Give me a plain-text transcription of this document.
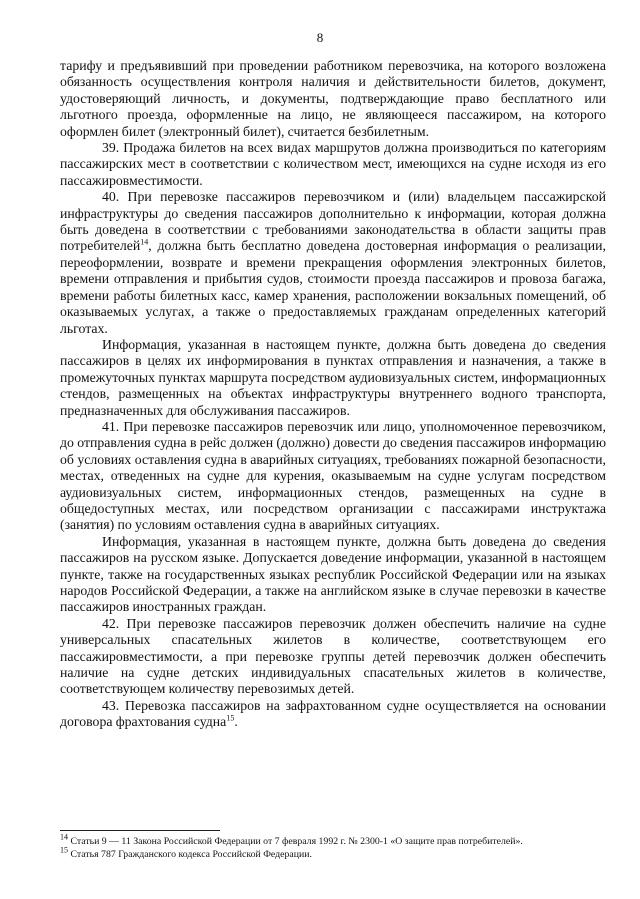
8

тарифу и предъявивший при проведении работником перевозчика, на которого возложена обязанность осуществления контроля наличия и действительности билетов, документ, удостоверяющий личность, и документы, подтверждающие право бесплатного или льготного проезда, оформленные на лицо, не являющееся пассажиром, на которого оформлен билет (электронный билет), считается безбилетным.

39. Продажа билетов на всех видах маршрутов должна производиться по категориям пассажирских мест в соответствии с количеством мест, имеющихся на судне исходя из его пассажировместимости.

40. При перевозке пассажиров перевозчиком и (или) владельцем пассажирской инфраструктуры до сведения пассажиров дополнительно к информации, которая должна быть доведена в соответствии с требованиями законодательства в области защиты прав потребителей$^{14}$, должна быть бесплатно доведена достоверная информация о реализации, переоформлении, возврате и времени прекращения оформления электронных билетов, времени отправления и прибытия судов, стоимости проезда пассажиров и провоза багажа, времени работы билетных касс, камер хранения, расположении вокзальных помещений, об оказываемых услугах, а также о предоставляемых гражданам определенных категорий льготах.

Информация, указанная в настоящем пункте, должна быть доведена до сведения пассажиров в целях их информирования в пунктах отправления и назначения, а также в промежуточных пунктах маршрута посредством аудиовизуальных систем, информационных стендов, размещенных на объектах инфраструктуры внутреннего водного транспорта, предназначенных для обслуживания пассажиров.

41. При перевозке пассажиров перевозчик или лицо, уполномоченное перевозчиком, до отправления судна в рейс должен (должно) довести до сведения пассажиров информацию об условиях оставления судна в аварийных ситуациях, требованиях пожарной безопасности, местах, отведенных на судне для курения, оказываемым на судне услугам посредством аудиовизуальных систем, информационных стендов, размещенных на судне в общедоступных местах, или посредством организации с пассажирами инструктажа (занятия) по условиям оставления судна в аварийных ситуациях.

Информация, указанная в настоящем пункте, должна быть доведена до сведения пассажиров на русском языке. Допускается доведение информации, указанной в настоящем пункте, также на государственных языках республик Российской Федерации или на языках народов Российской Федерации, а также на английском языке в случае перевозки в качестве пассажиров иностранных граждан.

42. При перевозке пассажиров перевозчик должен обеспечить наличие на судне универсальных спасательных жилетов в количестве, соответствующем его пассажировместимости, а при перевозке группы детей перевозчик должен обеспечить наличие на судне детских индивидуальных спасательных жилетов в количестве, соответствующем количеству перевозимых детей.

43. Перевозка пассажиров на зафрахтованном судне осуществляется на основании договора фрахтования судна$^{15}$.

$^{14}$ Статьи 9 — 11 Закона Российской Федерации от 7 февраля 1992 г. № 2300-1 «О защите прав потребителей».

$^{15}$ Статья 787 Гражданского кодекса Российской Федерации.
